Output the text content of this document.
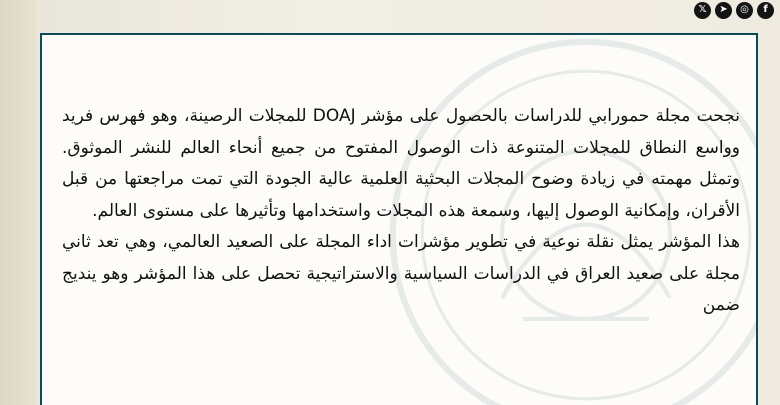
𝕏	➤	◎	f

نجحت مجلة حمورابي للدراسات بالحصول على مؤشر DOAJ للمجلات الرصينة، وهو فهرس فريد وواسع النطاق للمجلات المتنوعة ذات الوصول المفتوح من جميع أنحاء العالم للنشر الموثوق. وتمثل مهمته في زيادة وضوح المجلات البحثية العلمية عالية الجودة التي تمت مراجعتها من قبل الأقران، وإمكانية الوصول إليها، وسمعة هذه المجلات واستخدامها وتأثيرها على مستوى العالم.

هذا المؤشر يمثل نقلة نوعية في تطوير مؤشرات اداء المجلة على الصعيد العالمي، وهي تعد ثاني مجلة على صعيد العراق في الدراسات السياسية والاستراتيجية تحصل على هذا المؤشر وهو ينديج ضمن
